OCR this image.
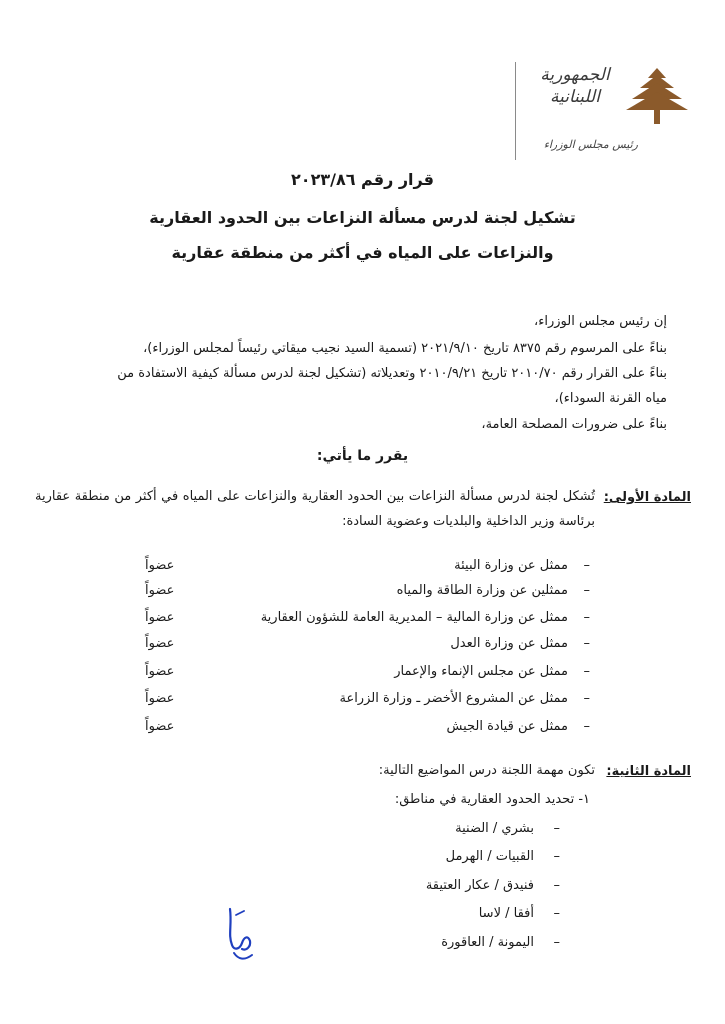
الجمهورية
اللبنانية
رئيس مجلس الوزراء
قرار رقم ٢٠٢٣/٨٦
تشكيل لجنة لدرس مسألة النزاعات بين الحدود العقارية
والنزاعات على المياه في أكثر من منطقة عقارية
إن رئيس مجلس الوزراء،
بناءً على المرسوم رقم ٨٣٧٥ تاريخ ٢٠٢١/٩/١٠ (تسمية السيد نجيب ميقاتي رئيساً لمجلس الوزراء)،
بناءً على القرار رقم ٢٠١٠/٧٠ تاريخ ٢٠١٠/٩/٢١ وتعديلاته (تشكيل لجنة لدرس مسألة كيفية الاستفادة من
مياه القرنة السوداء)،
بناءً على ضرورات المصلحة العامة،
يقرر ما يأتي:
المادة الأولى:
تُشكل لجنة لدرس مسألة النزاعات بين الحدود العقارية والنزاعات على المياه في أكثر من منطقة عقارية برئاسة وزير الداخلية والبلديات وعضوية السادة:
–
ممثل عن وزارة البيئة
عضواً
–
ممثلين عن وزارة الطاقة والمياه
عضواً
–
ممثل عن وزارة المالية – المديرية العامة للشؤون العقارية
عضواً
–
ممثل عن وزارة العدل
عضواً
–
ممثل عن مجلس الإنماء والإعمار
عضواً
–
ممثل عن المشروع الأخضر ـ وزارة الزراعة
عضواً
–
ممثل عن قيادة الجيش
عضواً
المادة الثانية:
تكون مهمة اللجنة درس المواضيع التالية:
١- تحديد الحدود العقارية في مناطق:
–بشري / الضنية
–القبيات / الهرمل
–فنيدق / عكار العتيقة
–أفقا / لاسا
–اليمونة / العاقورة
